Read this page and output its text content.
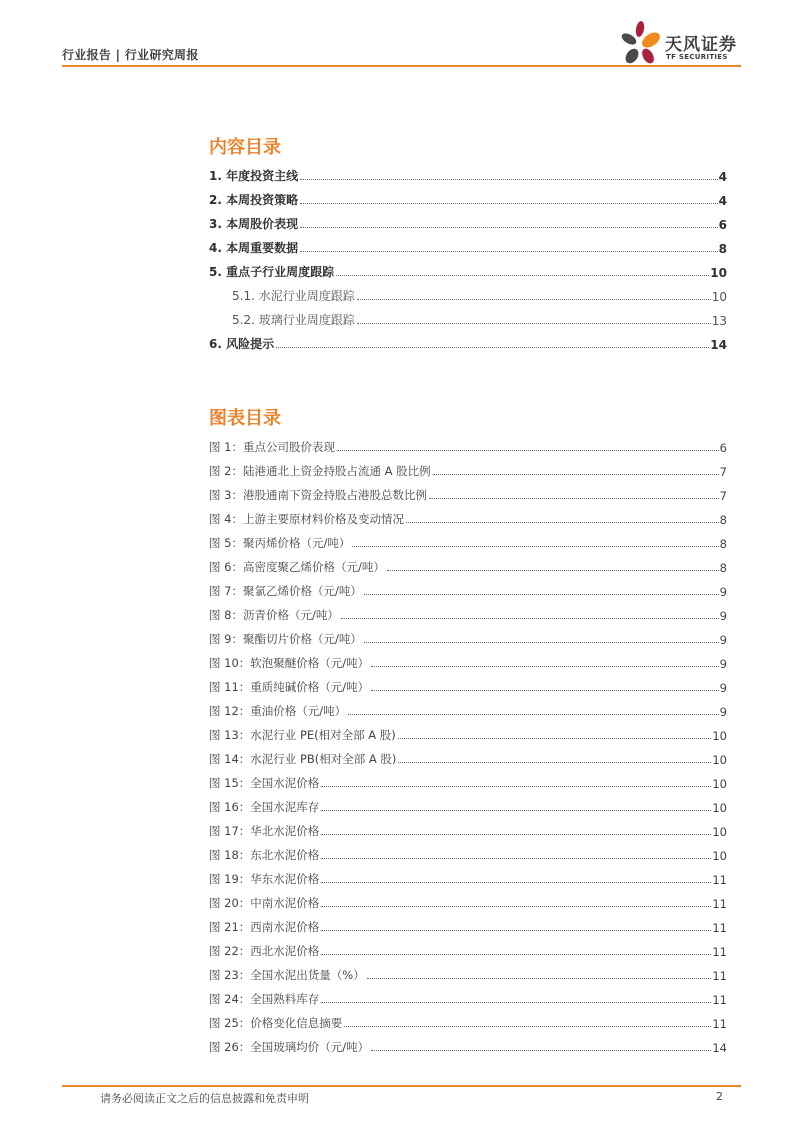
行业报告 | 行业研究周报	天风证券
TF SECURITIES
内容目录
1. 年度投资主线	4
2. 本周投资策略	4
3. 本周股价表现	6
4. 本周重要数据	8
5. 重点子行业周度跟踪	10
5.1. 水泥行业周度跟踪	10
5.2. 玻璃行业周度跟踪	13
6. 风险提示	14
图表目录
图 1：重点公司股价表现	6
图 2：陆港通北上资金持股占流通 A 股比例	7
图 3：港股通南下资金持股占港股总数比例	7
图 4：上游主要原材料价格及变动情况	8
图 5：聚丙烯价格（元/吨）	8
图 6：高密度聚乙烯价格（元/吨）	8
图 7：聚氯乙烯价格（元/吨）	9
图 8：沥青价格（元/吨）	9
图 9：聚酯切片价格（元/吨）	9
图 10：软泡聚醚价格（元/吨）	9
图 11：重质纯碱价格（元/吨）	9
图 12：重油价格（元/吨）	9
图 13：水泥行业 PE(相对全部 A 股)	10
图 14：水泥行业 PB(相对全部 A 股)	10
图 15：全国水泥价格	10
图 16：全国水泥库存	10
图 17：华北水泥价格	10
图 18：东北水泥价格	10
图 19：华东水泥价格	11
图 20：中南水泥价格	11
图 21：西南水泥价格	11
图 22：西北水泥价格	11
图 23：全国水泥出货量（%）	11
图 24：全国熟料库存	11
图 25：价格变化信息摘要	11
图 26：全国玻璃均价（元/吨）	14
请务必阅读正文之后的信息披露和免责申明	2
